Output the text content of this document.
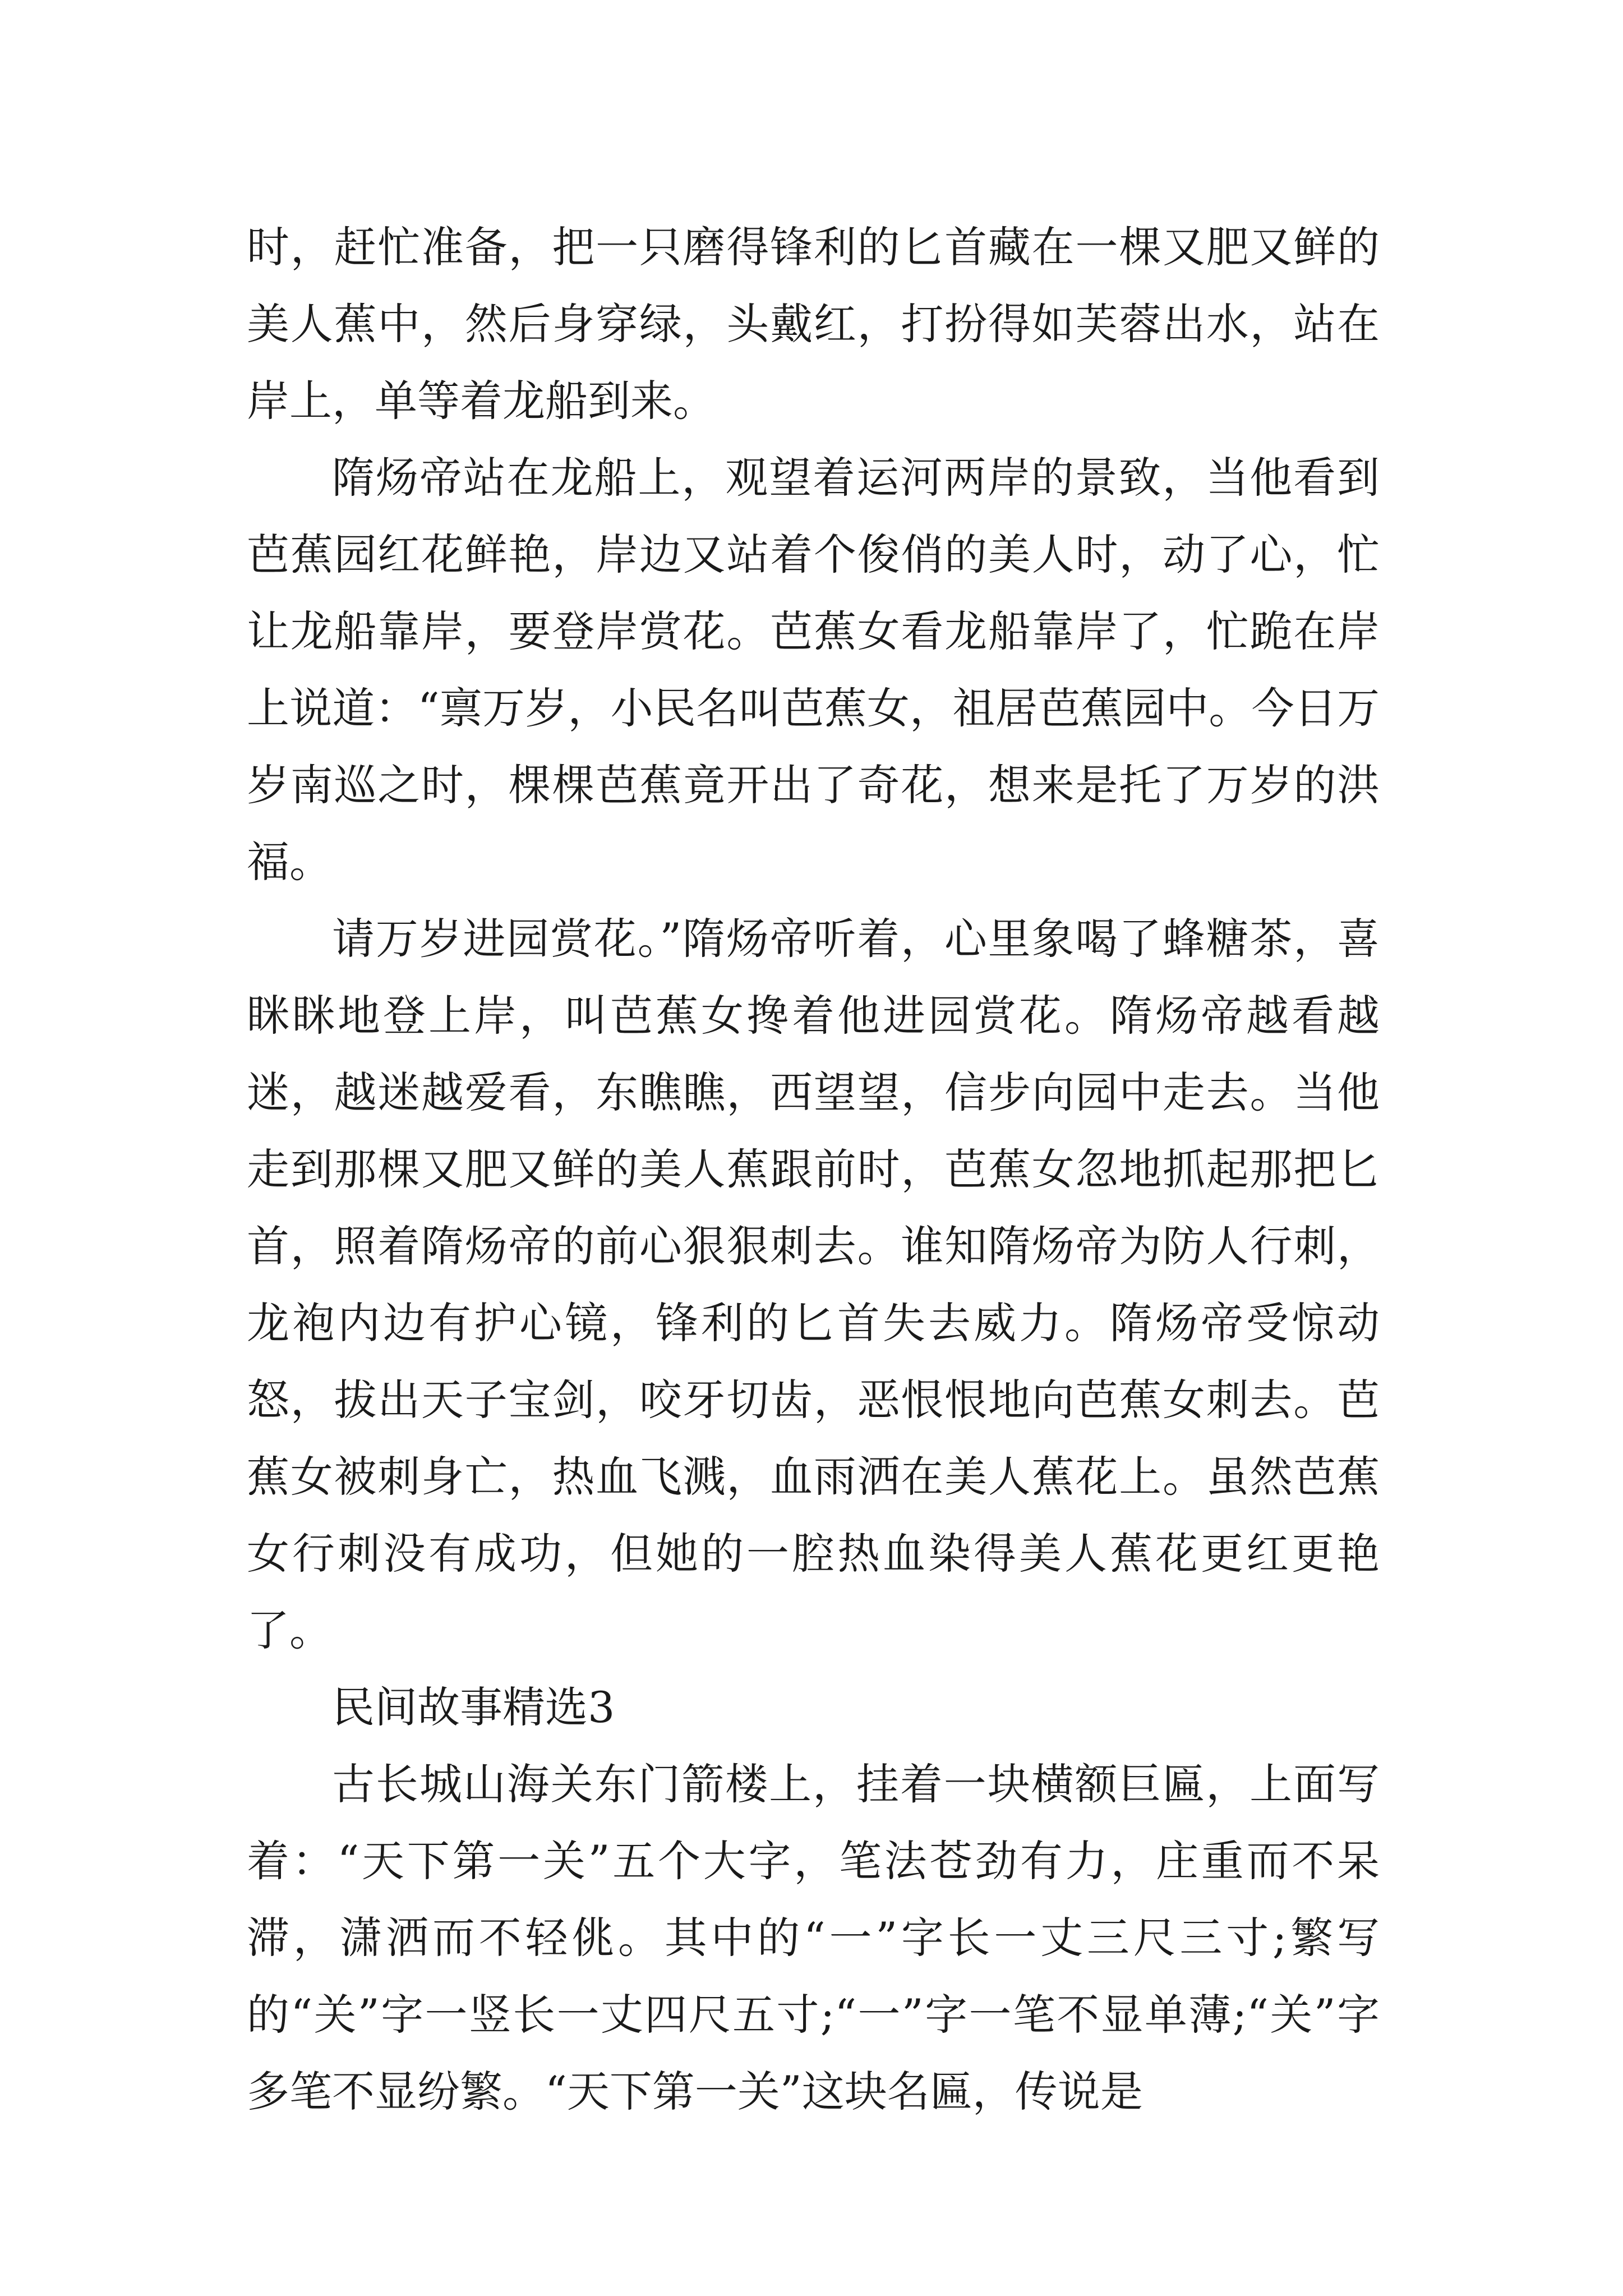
时，赶忙准备，把一只磨得锋利的匕首藏在一棵又肥又鲜的美人蕉中，然后身穿绿，头戴红，打扮得如芙蓉出水，站在岸上，单等着龙船到来。

隋炀帝站在龙船上，观望着运河两岸的景致，当他看到芭蕉园红花鲜艳，岸边又站着个俊俏的美人时，动了心，忙让龙船靠岸，要登岸赏花。芭蕉女看龙船靠岸了，忙跪在岸上说道：“禀万岁，小民名叫芭蕉女，祖居芭蕉园中。今日万岁南巡之时，棵棵芭蕉竟开出了奇花，想来是托了万岁的洪福。

请万岁进园赏花。”隋炀帝听着，心里象喝了蜂糖茶，喜眯眯地登上岸，叫芭蕉女搀着他进园赏花。隋炀帝越看越迷，越迷越爱看，东瞧瞧，西望望，信步向园中走去。当他走到那棵又肥又鲜的美人蕉跟前时，芭蕉女忽地抓起那把匕首，照着隋炀帝的前心狠狠刺去。谁知隋炀帝为防人行刺，龙袍内边有护心镜，锋利的匕首失去威力。隋炀帝受惊动怒，拔出天子宝剑，咬牙切齿，恶恨恨地向芭蕉女刺去。芭蕉女被刺身亡，热血飞溅，血雨洒在美人蕉花上。虽然芭蕉女行刺没有成功，但她的一腔热血染得美人蕉花更红更艳了。

民间故事精选3

古长城山海关东门箭楼上，挂着一块横额巨匾，上面写着：“天下第一关”五个大字，笔法苍劲有力，庄重而不呆滞，潇洒而不轻佻。其中的“一”字长一丈三尺三寸;繁写的“关”字一竖长一丈四尺五寸;“一”字一笔不显单薄;“关”字多笔不显纷繁。“天下第一关”这块名匾，传说是
